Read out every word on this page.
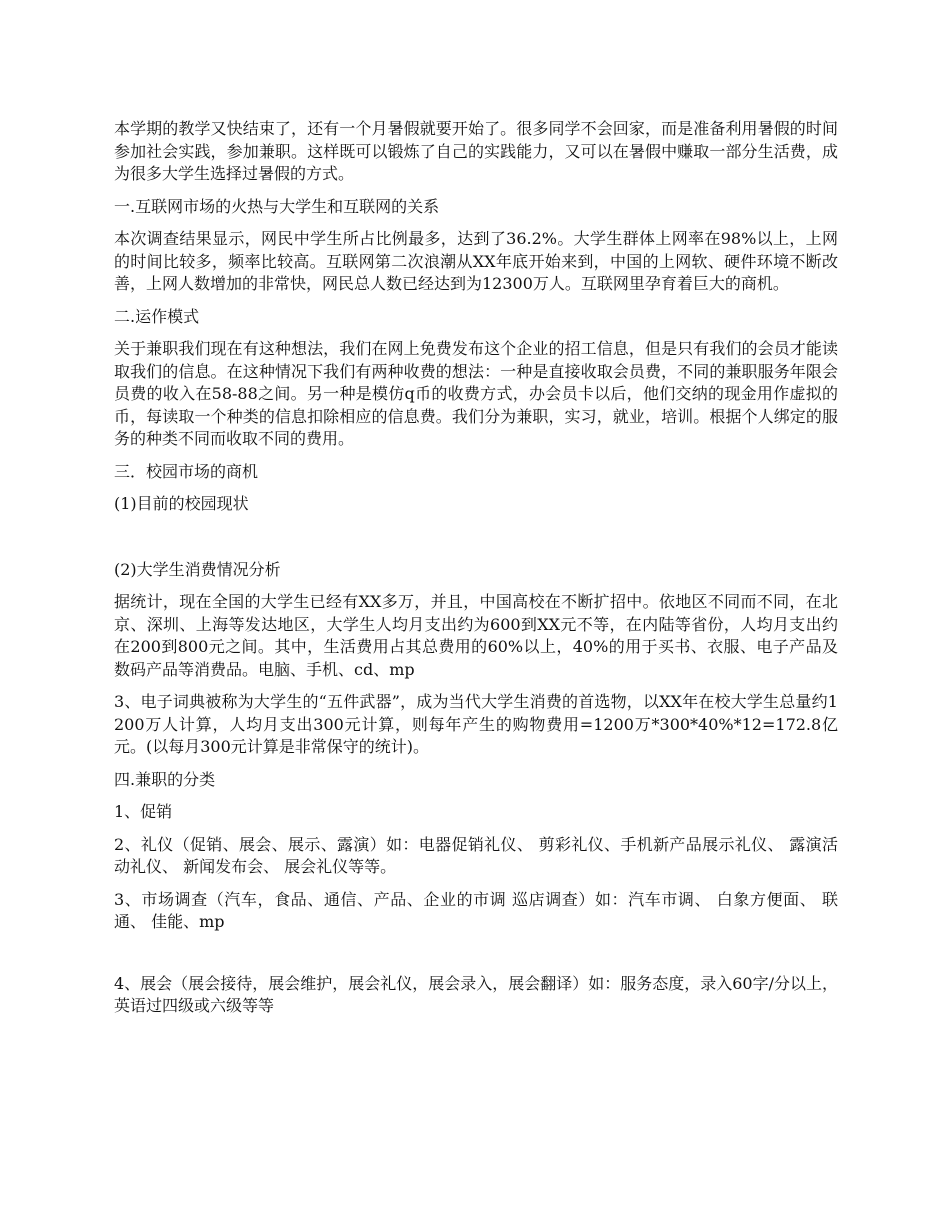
本学期的教学又快结束了，还有一个月暑假就要开始了。很多同学不会回家，而是准备利用暑假的时间参加社会实践，参加兼职。这样既可以锻炼了自己的实践能力，又可以在暑假中赚取一部分生活费，成为很多大学生选择过暑假的方式。

一.互联网市场的火热与大学生和互联网的关系

本次调查结果显示，网民中学生所占比例最多，达到了36.2%。大学生群体上网率在98%以上，上网的时间比较多，频率比较高。互联网第二次浪潮从XX年底开始来到，中国的上网软、硬件环境不断改善，上网人数增加的非常快，网民总人数已经达到为12300万人。互联网里孕育着巨大的商机。

二.运作模式

关于兼职我们现在有这种想法，我们在网上免费发布这个企业的招工信息，但是只有我们的会员才能读取我们的信息。在这种情况下我们有两种收费的想法：一种是直接收取会员费，不同的兼职服务年限会员费的收入在58-88之间。另一种是模仿q币的收费方式，办会员卡以后，他们交纳的现金用作虚拟的币，每读取一个种类的信息扣除相应的信息费。我们分为兼职，实习，就业，培训。根据个人绑定的服务的种类不同而收取不同的费用。

三．校园市场的商机

(1)目前的校园现状

(2)大学生消费情况分析

据统计，现在全国的大学生已经有XX多万，并且，中国高校在不断扩招中。依地区不同而不同，在北京、深圳、上海等发达地区，大学生人均月支出约为600到XX元不等，在内陆等省份，人均月支出约在200到800元之间。其中，生活费用占其总费用的60%以上，40%的用于买书、衣服、电子产品及数码产品等消费品。电脑、手机、cd、mp

3、电子词典被称为大学生的“五件武器”，成为当代大学生消费的首选物，以XX年在校大学生总量约1200万人计算，人均月支出300元计算，则每年产生的购物费用=1200万*300*40%*12=172.8亿元。(以每月300元计算是非常保守的统计)。

四.兼职的分类

1、促销

2、礼仪（促销、展会、展示、露演）如：电器促销礼仪、 剪彩礼仪、手机新产品展示礼仪、 露演活动礼仪、 新闻发布会、 展会礼仪等等。

3、市场调查（汽车，食品、通信、产品、企业的市调 巡店调查）如：汽车市调、 白象方便面、 联通、 佳能、mp

4、展会（展会接待，展会维护，展会礼仪，展会录入，展会翻译）如：服务态度，录入60字/分以上，英语过四级或六级等等
